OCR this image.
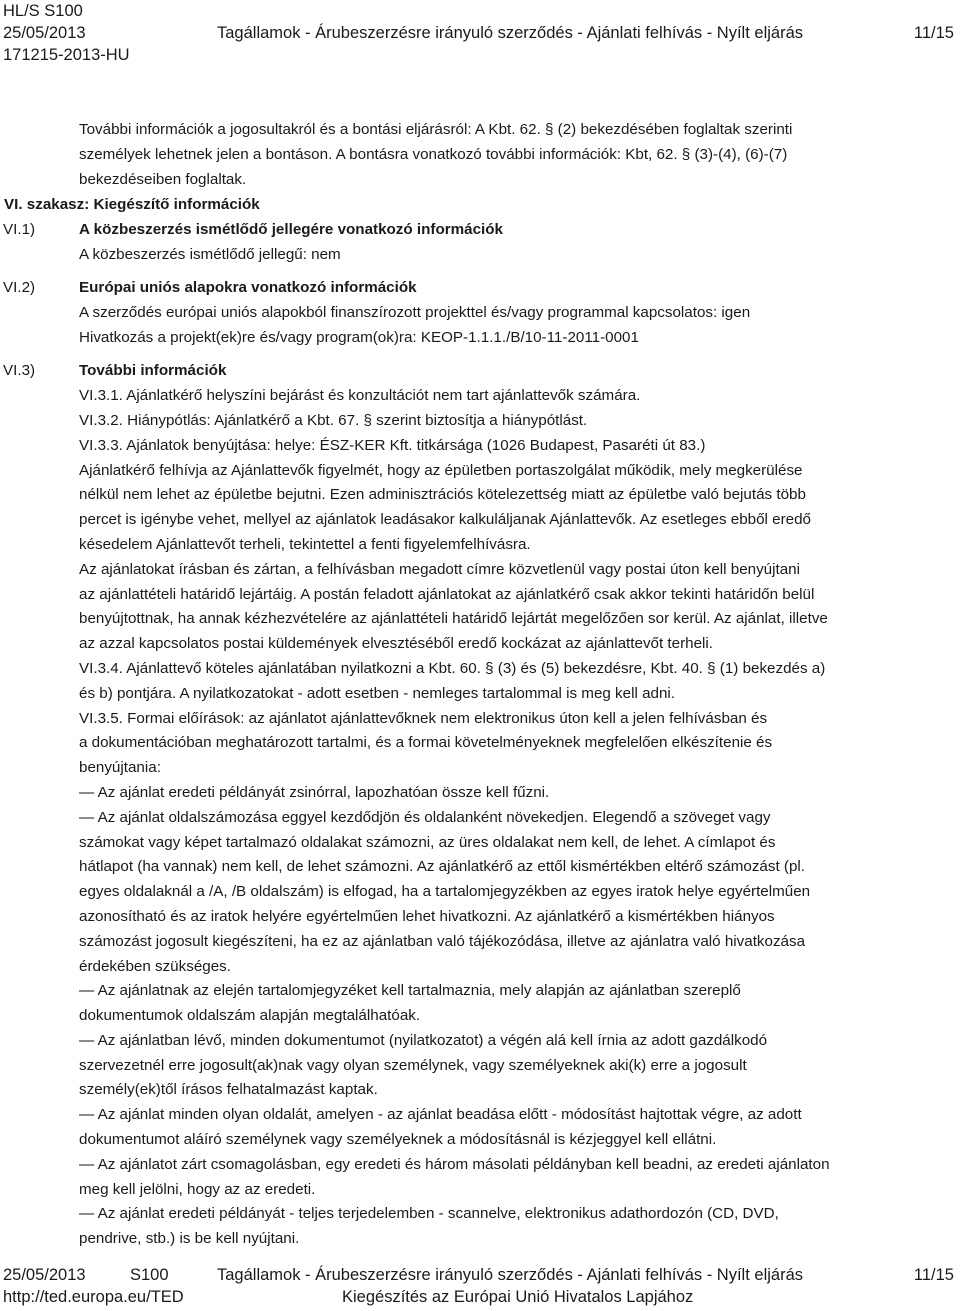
HL/S S100
25/05/2013	Tagállamok - Árubeszerzésre irányuló szerződés - Ajánlati felhívás - Nyílt eljárás	11/15
171215-2013-HU
További információk a jogosultakról és a bontási eljárásról: A Kbt. 62. § (2) bekezdésében foglaltak szerinti
személyek lehetnek jelen a bontáson. A bontásra vonatkozó további információk: Kbt, 62. § (3)-(4), (6)-(7)
bekezdéseiben foglaltak.
VI. szakasz: Kiegészítő információk
VI.1)	A közbeszerzés ismétlődő jellegére vonatkozó információk
A közbeszerzés ismétlődő jellegű: nem
VI.2)	Európai uniós alapokra vonatkozó információk
A szerződés európai uniós alapokból finanszírozott projekttel és/vagy programmal kapcsolatos: igen
Hivatkozás a projekt(ek)re és/vagy program(ok)ra: KEOP-1.1.1./B/10-11-2011-0001
VI.3)	További információk
VI.3.1. Ajánlatkérő helyszíni bejárást és konzultációt nem tart ajánlattevők számára.
VI.3.2. Hiánypótlás: Ajánlatkérő a Kbt. 67. § szerint biztosítja a hiánypótlást.
VI.3.3. Ajánlatok benyújtása: helye: ÉSZ-KER Kft. titkársága (1026 Budapest, Pasaréti út 83.)
Ajánlatkérő felhívja az Ajánlattevők figyelmét, hogy az épületben portaszolgálat működik, mely megkerülése
nélkül nem lehet az épületbe bejutni. Ezen adminisztrációs kötelezettség miatt az épületbe való bejutás több
percet is igénybe vehet, mellyel az ajánlatok leadásakor kalkuláljanak Ajánlattevők. Az esetleges ebből eredő
késedelem Ajánlattevőt terheli, tekintettel a fenti figyelemfelhívásra.
Az ajánlatokat írásban és zártan, a felhívásban megadott címre közvetlenül vagy postai úton kell benyújtani
az ajánlattételi határidő lejártáig. A postán feladott ajánlatokat az ajánlatkérő csak akkor tekinti határidőn belül
benyújtottnak, ha annak kézhezvételére az ajánlattételi határidő lejártát megelőzően sor kerül. Az ajánlat, illetve
az azzal kapcsolatos postai küldemények elvesztéséből eredő kockázat az ajánlattevőt terheli.
VI.3.4. Ajánlattevő köteles ajánlatában nyilatkozni a Kbt. 60. § (3) és (5) bekezdésre, Kbt. 40. § (1) bekezdés a)
és b) pontjára. A nyilatkozatokat - adott esetben - nemleges tartalommal is meg kell adni.
VI.3.5. Formai előírások: az ajánlatot ajánlattevőknek nem elektronikus úton kell a jelen felhívásban és
a dokumentációban meghatározott tartalmi, és a formai követelményeknek megfelelően elkészítenie és
benyújtania:
— Az ajánlat eredeti példányát zsinórral, lapozhatóan össze kell fűzni.
— Az ajánlat oldalszámozása eggyel kezdődjön és oldalanként növekedjen. Elegendő a szöveget vagy
számokat vagy képet tartalmazó oldalakat számozni, az üres oldalakat nem kell, de lehet. A címlapot és
hátlapot (ha vannak) nem kell, de lehet számozni. Az ajánlatkérő az ettől kismértékben eltérő számozást (pl.
egyes oldalaknál a /A, /B oldalszám) is elfogad, ha a tartalomjegyzékben az egyes iratok helye egyértelműen
azonosítható és az iratok helyére egyértelműen lehet hivatkozni. Az ajánlatkérő a kismértékben hiányos
számozást jogosult kiegészíteni, ha ez az ajánlatban való tájékozódása, illetve az ajánlatra való hivatkozása
érdekében szükséges.
— Az ajánlatnak az elején tartalomjegyzéket kell tartalmaznia, mely alapján az ajánlatban szereplő
dokumentumok oldalszám alapján megtalálhatóak.
— Az ajánlatban lévő, minden dokumentumot (nyilatkozatot) a végén alá kell írnia az adott gazdálkodó
szervezetnél erre jogosult(ak)nak vagy olyan személynek, vagy személyeknek aki(k) erre a jogosult
személy(ek)től írásos felhatalmazást kaptak.
— Az ajánlat minden olyan oldalát, amelyen - az ajánlat beadása előtt - módosítást hajtottak végre, az adott
dokumentumot aláíró személynek vagy személyeknek a módosításnál is kézjeggyel kell ellátni.
— Az ajánlatot zárt csomagolásban, egy eredeti és három másolati példányban kell beadni, az eredeti ajánlaton
meg kell jelölni, hogy az az eredeti.
— Az ajánlat eredeti példányát - teljes terjedelemben - scannelve, elektronikus adathordozón (CD, DVD,
pendrive, stb.) is be kell nyújtani.
25/05/2013	S100	Tagállamok - Árubeszerzésre irányuló szerződés - Ajánlati felhívás - Nyílt eljárás	11/15
http://ted.europa.eu/TED	Kiegészítés az Európai Unió Hivatalos Lapjához
